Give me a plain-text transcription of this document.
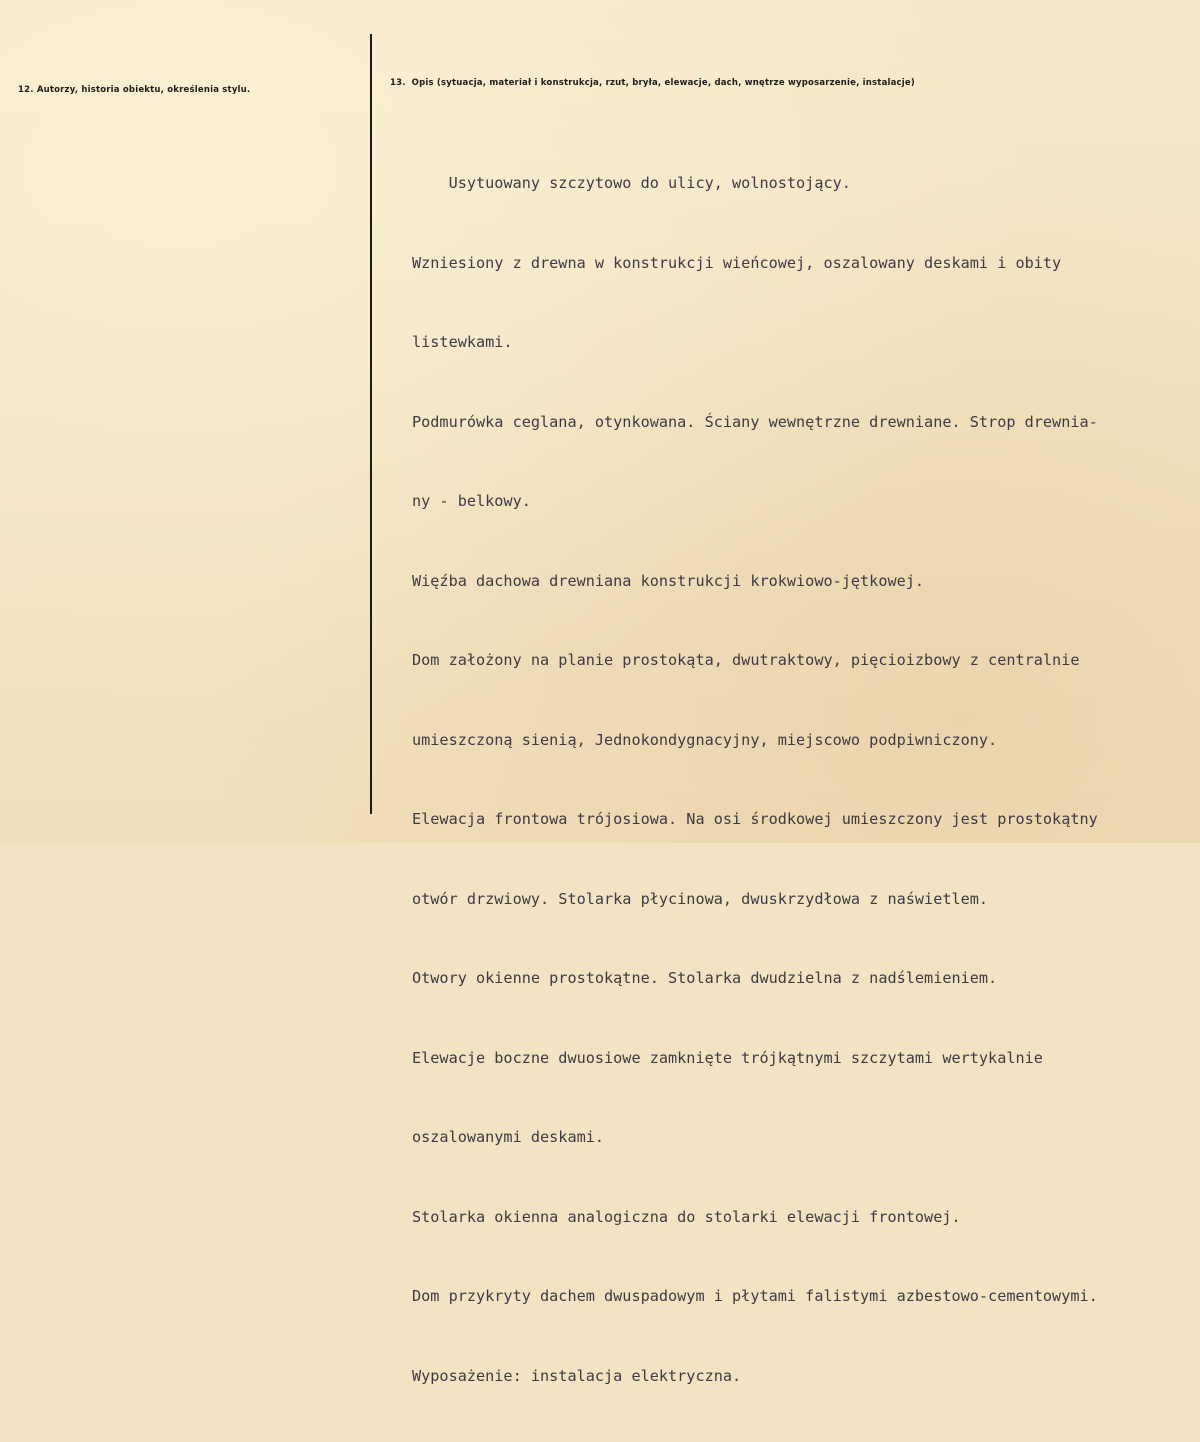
12. Autorzy, historia obiektu, określenia stylu.
13. Opis (sytuacja, materiał i konstrukcja, rzut, bryła, elewacje, dach, wnętrze wyposarzenie, instalacje)

Usytuowany szczytowo do ulicy, wolnostojący.

Wzniesiony z drewna w konstrukcji wieńcowej, oszalowany deskami i obity

listewkami.

Podmurówka ceglana, otynkowana. Ściany wewnętrzne drewniane. Strop drewnia-

ny - belkowy.

Więźba dachowa drewniana konstrukcji krokwiowo-jętkowej.

Dom założony na planie prostokąta, dwutraktowy, pięcioizbowy z centralnie

umieszczoną sienią, Jednokondygnacyjny, miejscowo podpiwniczony.

Elewacja frontowa trójosiowa. Na osi środkowej umieszczony jest prostokątny

otwór drzwiowy. Stolarka płycinowa, dwuskrzydłowa z naświetlem.

Otwory okienne prostokątne. Stolarka dwudzielna z nadślemieniem.

Elewacje boczne dwuosiowe zamknięte trójkątnymi szczytami wertykalnie

oszalowanymi deskami.

Stolarka okienna analogiczna do stolarki elewacji frontowej.

Dom przykryty dachem dwuspadowym i płytami falistymi azbestowo-cementowymi.

Wyposażenie: instalacja elektryczna.
